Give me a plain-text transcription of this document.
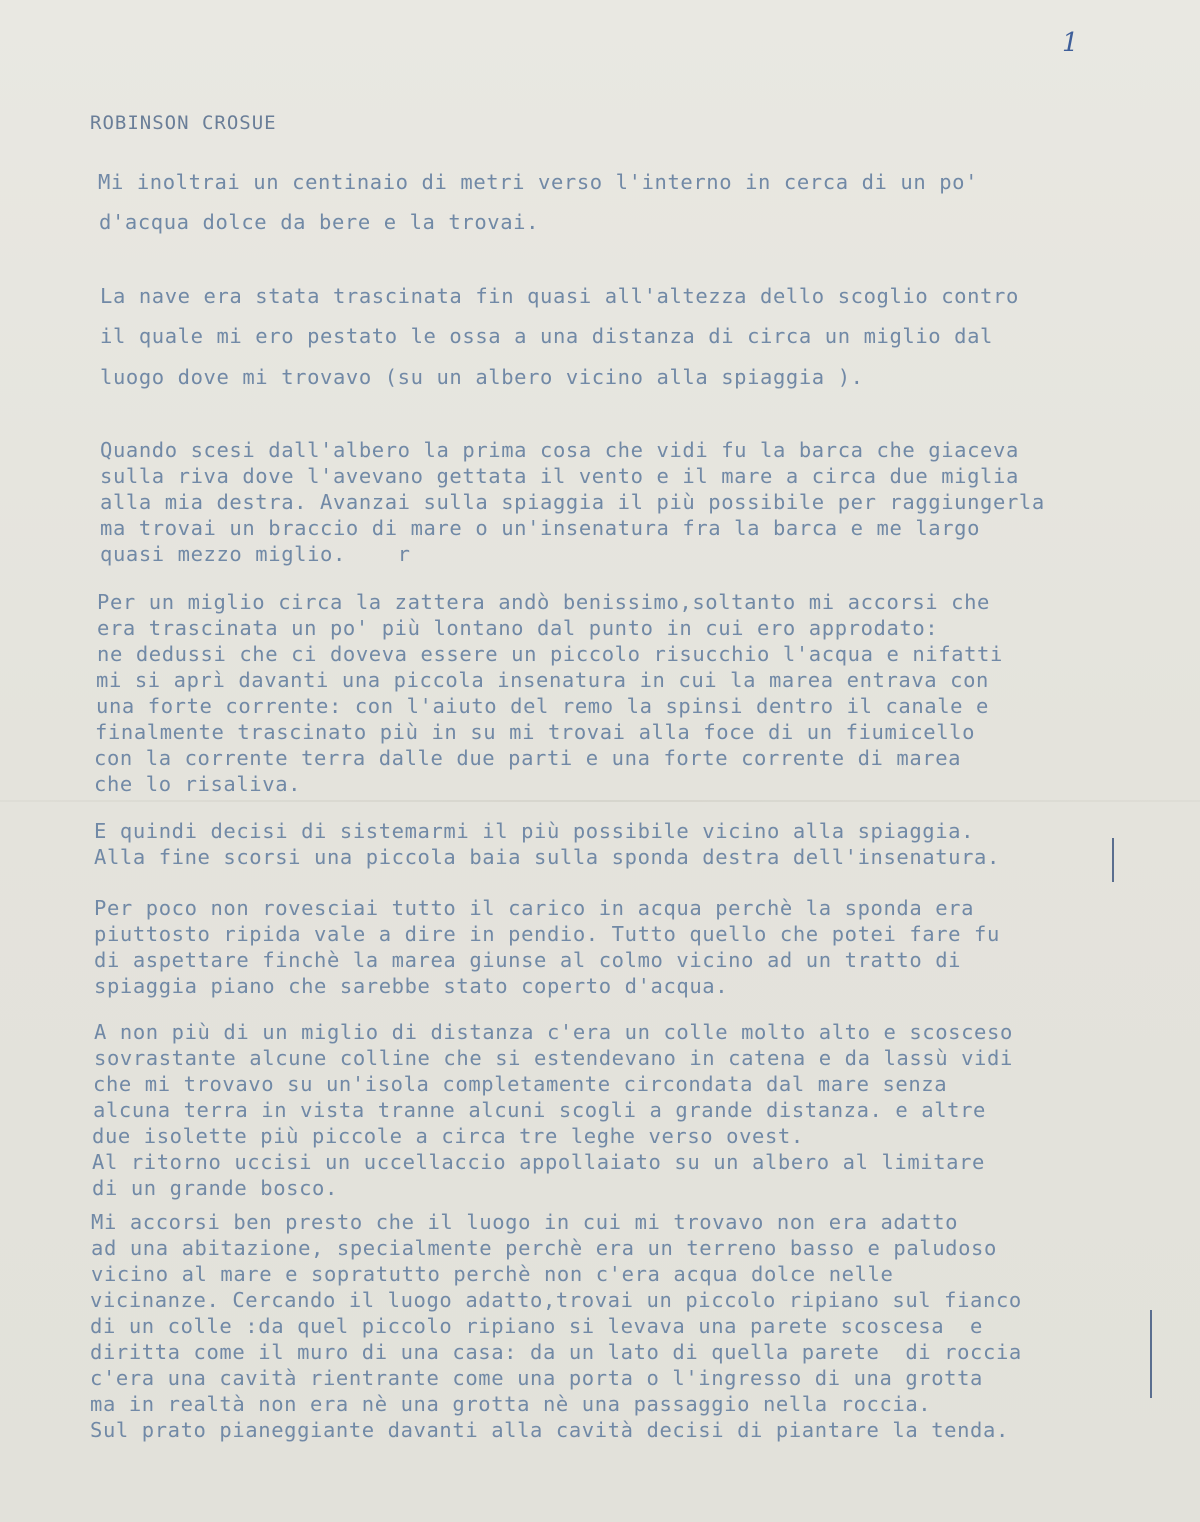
1
ROBINSON CROSUE
Mi inoltrai un centinaio di metri verso l'interno in cerca di un po'
d'acqua dolce da bere e la trovai.
La nave era stata trascinata fin quasi all'altezza dello scoglio contro
il quale mi ero pestato le ossa a una distanza di circa un miglio dal
luogo dove mi trovavo (su un albero vicino alla spiaggia ).
Quando scesi dall'albero la prima cosa che vidi fu la barca che giaceva
sulla riva dove l'avevano gettata il vento e il mare a circa due miglia
alla mia destra. Avanzai sulla spiaggia il più possibile per raggiungerla
ma trovai un braccio di mare o un'insenatura fra la barca e me largo
quasi mezzo miglio.    r
Per un miglio circa la zattera andò benissimo,soltanto mi accorsi che
era trascinata un po' più lontano dal punto in cui ero approdato:
ne dedussi che ci doveva essere un piccolo risucchio l'acqua e nifatti
mi si aprì davanti una piccola insenatura in cui la marea entrava con
una forte corrente: con l'aiuto del remo la spinsi dentro il canale e
finalmente trascinato più in su mi trovai alla foce di un fiumicello
con la corrente terra dalle due parti e una forte corrente di marea
che lo risaliva.
E quindi decisi di sistemarmi il più possibile vicino alla spiaggia.
Alla fine scorsi una piccola baia sulla sponda destra dell'insenatura.
Per poco non rovesciai tutto il carico in acqua perchè la sponda era
piuttosto ripida vale a dire in pendio. Tutto quello che potei fare fu
di aspettare finchè la marea giunse al colmo vicino ad un tratto di
spiaggia piano che sarebbe stato coperto d'acqua.
A non più di un miglio di distanza c'era un colle molto alto e scosceso
sovrastante alcune colline che si estendevano in catena e da lassù vidi
che mi trovavo su un'isola completamente circondata dal mare senza
alcuna terra in vista tranne alcuni scogli a grande distanza. e altre
due isolette più piccole a circa tre leghe verso ovest.
Al ritorno uccisi un uccellaccio appollaiato su un albero al limitare
di un grande bosco.
Mi accorsi ben presto che il luogo in cui mi trovavo non era adatto
ad una abitazione, specialmente perchè era un terreno basso e paludoso
vicino al mare e sopratutto perchè non c'era acqua dolce nelle
vicinanze. Cercando il luogo adatto,trovai un piccolo ripiano sul fianco
di un colle :da quel piccolo ripiano si levava una parete scoscesa  e
diritta come il muro di una casa: da un lato di quella parete  di roccia
c'era una cavità rientrante come una porta o l'ingresso di una grotta
ma in realtà non era nè una grotta nè una passaggio nella roccia.
Sul prato pianeggiante davanti alla cavità decisi di piantare la tenda.
